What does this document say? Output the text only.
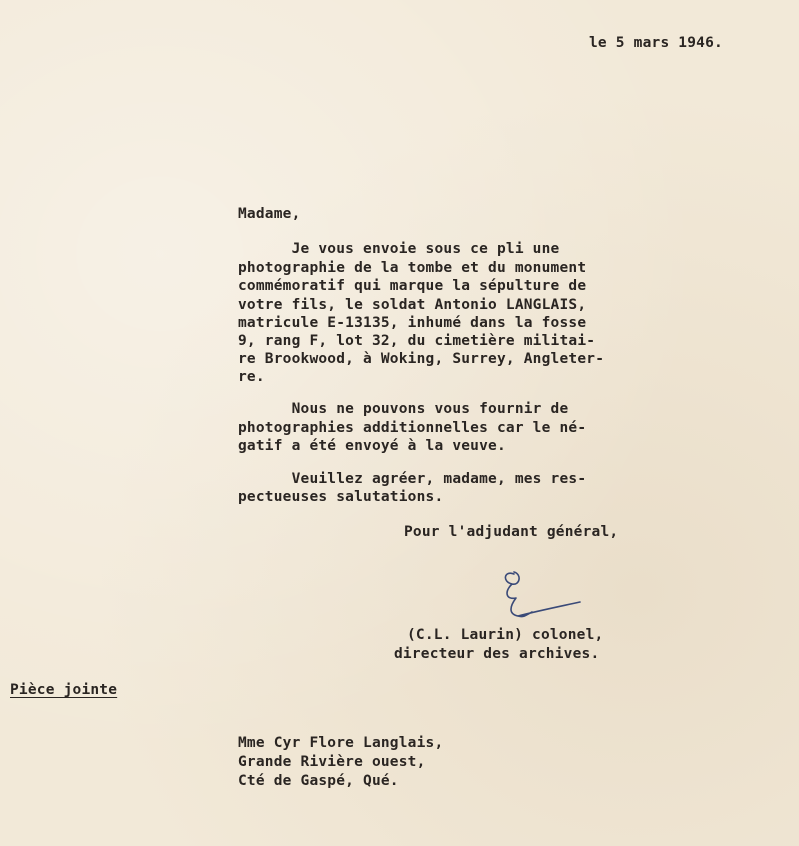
le 5 mars 1946.
Madame,
Je vous envoie sous ce pli une
photographie de la tombe et du monument
commémoratif qui marque la sépulture de
votre fils, le soldat Antonio LANGLAIS,
matricule E-13135, inhumé dans la fosse
9, rang F, lot 32, du cimetière militai-
re Brookwood, à Woking, Surrey, Angleter-
re.
Nous ne pouvons vous fournir de
photographies additionnelles car le né-
gatif a été envoyé à la veuve.
Veuillez agréer, madame, mes res-
pectueuses salutations.
Pour l'adjudant général,
(C.L. Laurin) colonel,
directeur des archives.
Pièce jointe
Mme Cyr Flore Langlais,
Grande Rivière ouest,
Cté de Gaspé, Qué.
